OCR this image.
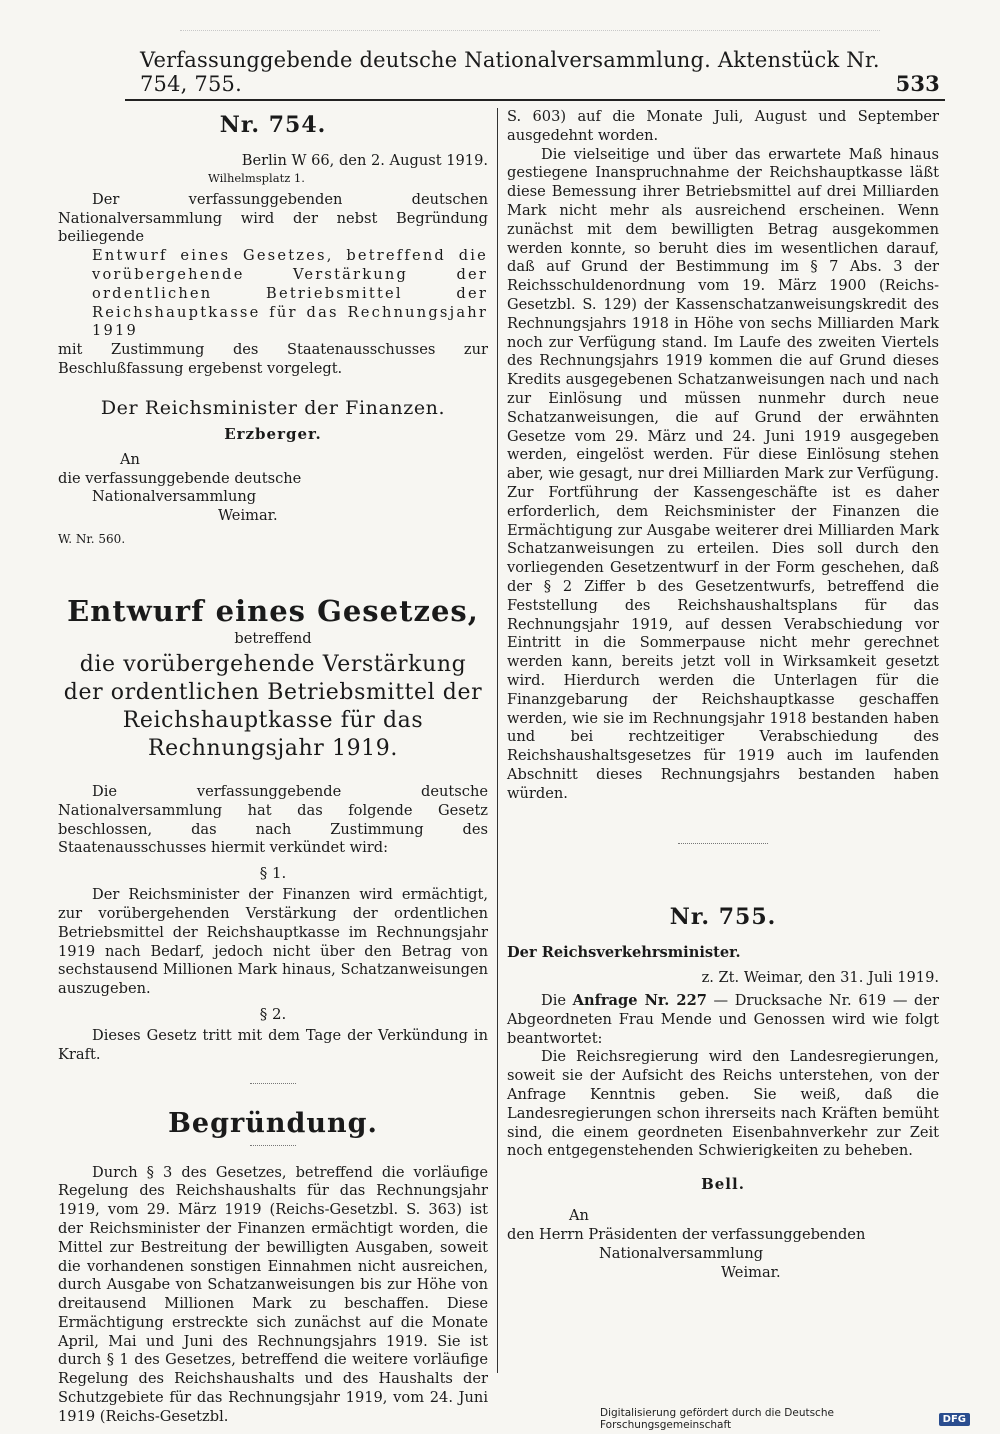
Verfassunggebende deutsche Nationalversammlung. Aktenstück Nr. 754, 755.	533
Nr. 754.

Berlin W 66, den 2. August 1919.

Wilhelmsplatz 1.

Der verfassunggebenden deutschen Nationalversammlung wird der nebst Begründung beiliegende

Entwurf eines Gesetzes, betreffend die vorübergehende Verstärkung der ordentlichen Betriebsmittel der Reichshauptkasse für das Rechnungsjahr 1919

mit Zustimmung des Staatenausschusses zur Beschlußfassung ergebenst vorgelegt.

Der Reichsminister der Finanzen.
Erzberger.

An

die verfassunggebende deutsche

Nationalversammlung

Weimar.

W. Nr. 560.

Entwurf eines Gesetzes,
betreffend
die vorübergehende Verstärkung der ordentlichen Betriebsmittel der Reichshauptkasse für das Rechnungsjahr 1919.

Die verfassunggebende deutsche Nationalversammlung hat das folgende Gesetz beschlossen, das nach Zustimmung des Staatenausschusses hiermit verkündet wird:

§ 1.

Der Reichsminister der Finanzen wird ermächtigt, zur vorübergehenden Verstärkung der ordentlichen Betriebsmittel der Reichshauptkasse im Rechnungsjahr 1919 nach Bedarf, jedoch nicht über den Betrag von sechstausend Millionen Mark hinaus, Schatzanweisungen auszugeben.

§ 2.

Dieses Gesetz tritt mit dem Tage der Verkündung in Kraft.

Begründung.

Durch § 3 des Gesetzes, betreffend die vorläufige Regelung des Reichshaushalts für das Rechnungsjahr 1919, vom 29. März 1919 (Reichs-Gesetzbl. S. 363) ist der Reichsminister der Finanzen ermächtigt worden, die Mittel zur Bestreitung der bewilligten Ausgaben, soweit die vorhandenen sonstigen Einnahmen nicht ausreichen, durch Ausgabe von Schatzanweisungen bis zur Höhe von dreitausend Millionen Mark zu beschaffen. Diese Ermächtigung erstreckte sich zunächst auf die Monate April, Mai und Juni des Rechnungsjahrs 1919. Sie ist durch § 1 des Gesetzes, betreffend die weitere vorläufige Regelung des Reichshaushalts und des Haushalts der Schutzgebiete für das Rechnungsjahr 1919, vom 24. Juni 1919 (Reichs-Gesetzbl.

S. 603) auf die Monate Juli, August und September ausgedehnt worden.

Die vielseitige und über das erwartete Maß hinaus gestiegene Inanspruchnahme der Reichshauptkasse läßt diese Bemessung ihrer Betriebsmittel auf drei Milliarden Mark nicht mehr als ausreichend erscheinen. Wenn zunächst mit dem bewilligten Betrag ausgekommen werden konnte, so beruht dies im wesentlichen darauf, daß auf Grund der Bestimmung im § 7 Abs. 3 der Reichsschuldenordnung vom 19. März 1900 (Reichs-Gesetzbl. S. 129) der Kassenschatzanweisungskredit des Rechnungsjahrs 1918 in Höhe von sechs Milliarden Mark noch zur Verfügung stand. Im Laufe des zweiten Viertels des Rechnungsjahrs 1919 kommen die auf Grund dieses Kredits ausgegebenen Schatzanweisungen nach und nach zur Einlösung und müssen nunmehr durch neue Schatzanweisungen, die auf Grund der erwähnten Gesetze vom 29. März und 24. Juni 1919 ausgegeben werden, eingelöst werden. Für diese Einlösung stehen aber, wie gesagt, nur drei Milliarden Mark zur Verfügung. Zur Fortführung der Kassengeschäfte ist es daher erforderlich, dem Reichsminister der Finanzen die Ermächtigung zur Ausgabe weiterer drei Milliarden Mark Schatzanweisungen zu erteilen. Dies soll durch den vorliegenden Gesetzentwurf in der Form geschehen, daß der § 2 Ziffer b des Gesetzentwurfs, betreffend die Feststellung des Reichshaushaltsplans für das Rechnungsjahr 1919, auf dessen Verabschiedung vor Eintritt in die Sommerpause nicht mehr gerechnet werden kann, bereits jetzt voll in Wirksamkeit gesetzt wird. Hierdurch werden die Unterlagen für die Finanzgebarung der Reichshauptkasse geschaffen werden, wie sie im Rechnungsjahr 1918 bestanden haben und bei rechtzeitiger Verabschiedung des Reichshaushaltsgesetzes für 1919 auch im laufenden Abschnitt dieses Rechnungsjahrs bestanden haben würden.

Nr. 755.

Der Reichsverkehrsminister.

z. Zt. Weimar, den 31. Juli 1919.

Die Anfrage Nr. 227 — Drucksache Nr. 619 — der Abgeordneten Frau Mende und Genossen wird wie folgt beantwortet:

Die Reichsregierung wird den Landesregierungen, soweit sie der Aufsicht des Reichs unterstehen, von der Anfrage Kenntnis geben. Sie weiß, daß die Landesregierungen schon ihrerseits nach Kräften bemüht sind, die einem geordneten Eisenbahnverkehr zur Zeit noch entgegenstehenden Schwierigkeiten zu beheben.

Bell.

An

den Herrn Präsidenten der verfassunggebenden

Nationalversammlung

Weimar.

Digitalisierung gefördert durch die Deutsche Forschungsgemeinschaft	DFG
